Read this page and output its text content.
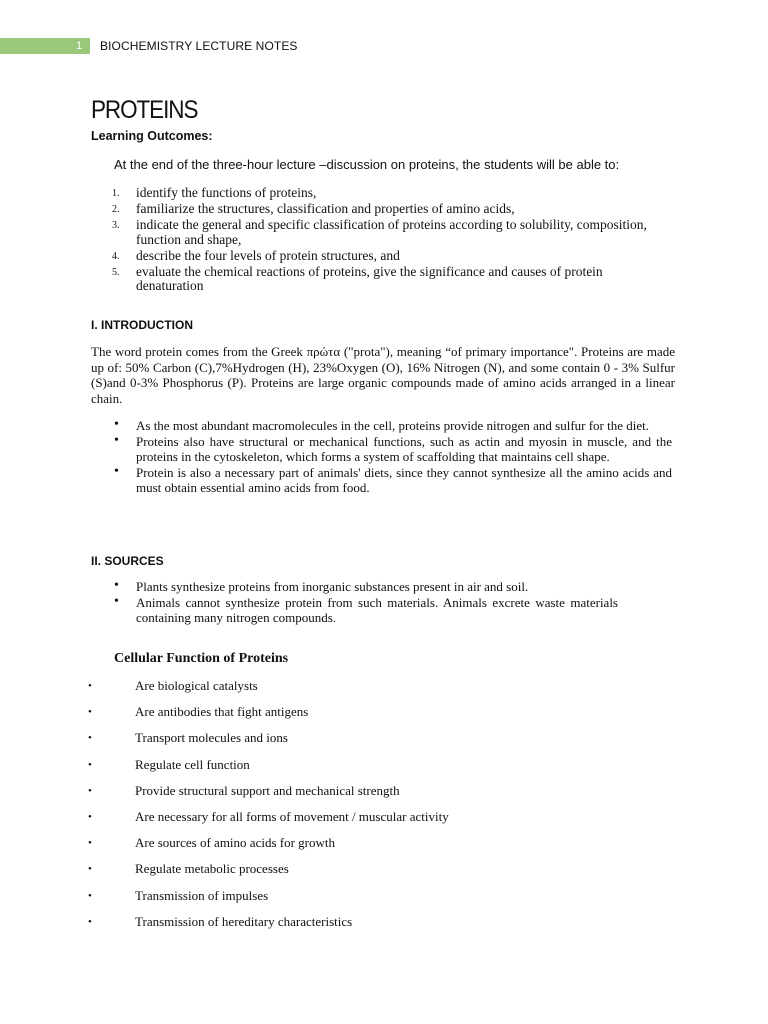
1 BIOCHEMISTRY LECTURE NOTES
PROTEINS
Learning Outcomes:
At the end of the three-hour lecture –discussion on proteins, the students will be able to:
1. identify the functions of proteins,
2. familiarize the structures, classification and properties of amino acids,
3. indicate the general and specific classification of proteins according to solubility, composition, function and shape,
4. describe the four levels of protein structures, and
5. evaluate the chemical reactions of proteins, give the significance and causes of protein denaturation
I. INTRODUCTION

The word protein comes from the Greek πρώτα ("prota"), meaning “of primary importance". Proteins are made up of: 50% Carbon (C),7%Hydrogen (H), 23%Oxygen (O), 16% Nitrogen (N), and some contain 0 - 3% Sulfur (S)and 0-3% Phosphorus (P). Proteins are large organic compounds made of amino acids arranged in a linear chain.

• As the most abundant macromolecules in the cell, proteins provide nitrogen and sulfur for the diet.
• Proteins also have structural or mechanical functions, such as actin and myosin in muscle, and the proteins in the cytoskeleton, which forms a system of scaffolding that maintains cell shape.
• Protein is also a necessary part of animals' diets, since they cannot synthesize all the amino acids and must obtain essential amino acids from food.
II. SOURCES
• Plants synthesize proteins from inorganic substances present in air and soil.
• Animals cannot synthesize protein from such materials. Animals excrete waste materials containing many nitrogen compounds.
Cellular Function of Proteins
•	Are biological catalysts
•	Are antibodies that fight antigens
•	Transport molecules and ions
•	Regulate cell function
•	Provide structural support and mechanical strength
•	Are necessary for all forms of movement / muscular activity
•	Are sources of amino acids for growth
•	Regulate metabolic processes
•	Transmission of impulses
•	Transmission of hereditary characteristics
